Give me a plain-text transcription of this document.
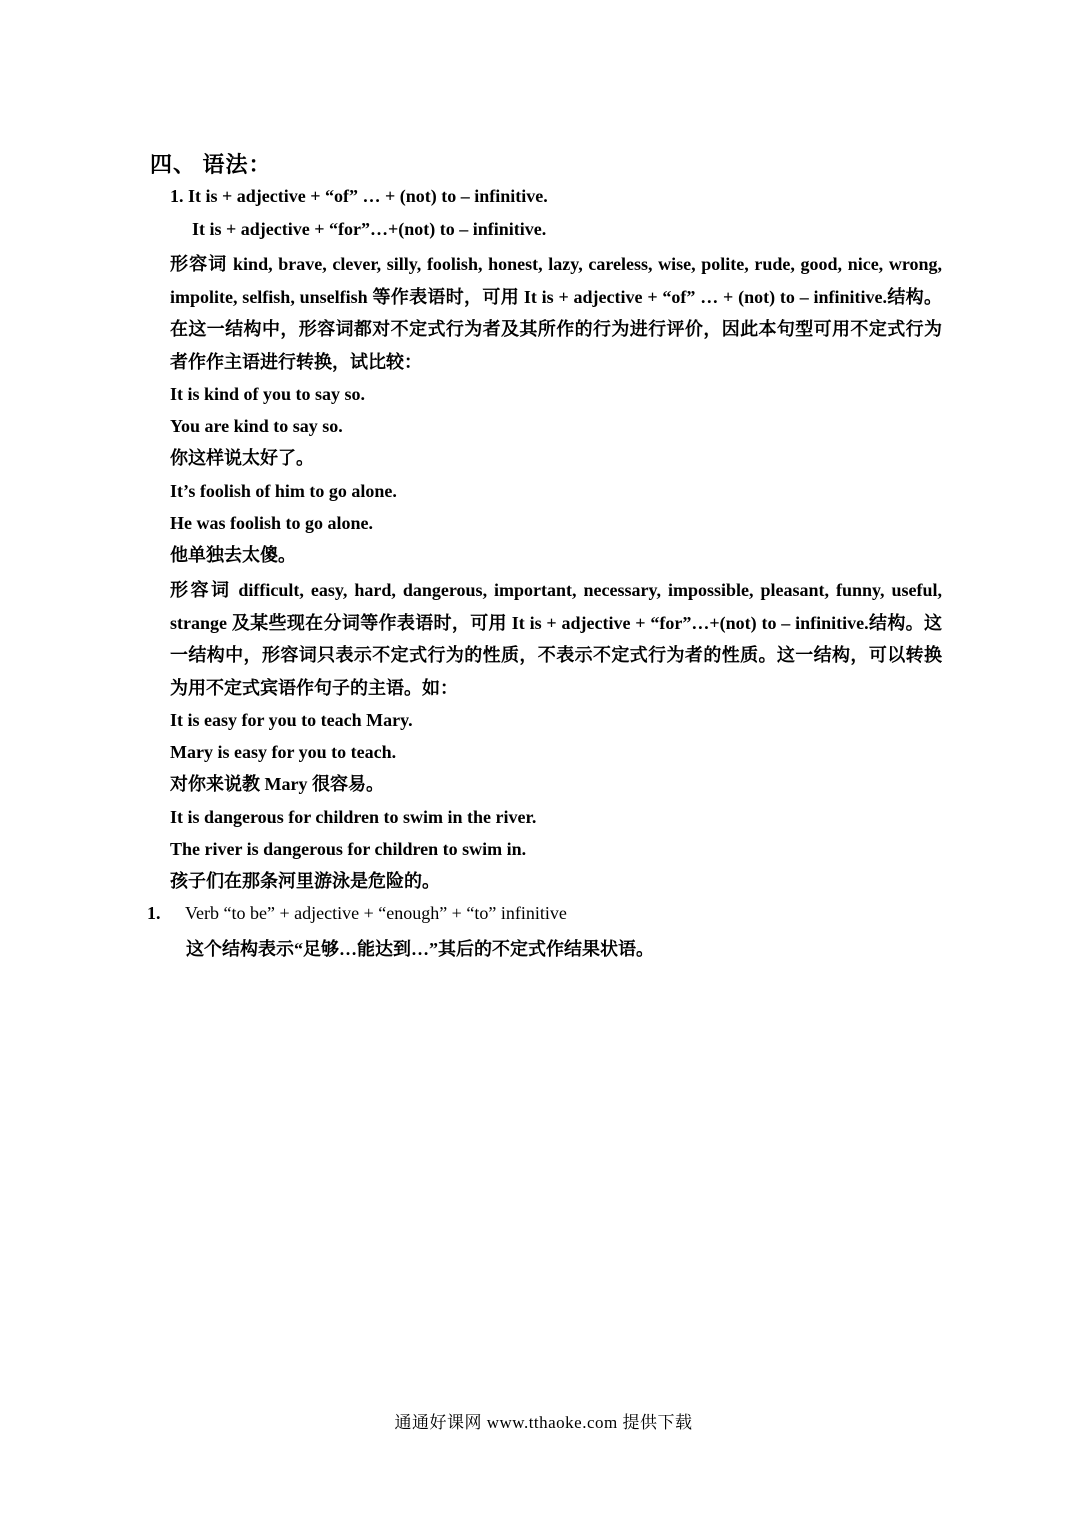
四、 语法：
1. It is + adjective + “of” … + (not) to – infinitive.
It is + adjective + “for”…+(not) to – infinitive.
形容词 kind, brave, clever, silly, foolish, honest, lazy, careless, wise, polite, rude, good, nice, wrong, impolite, selfish, unselfish 等作表语时，可用 It is + adjective + “of” … + (not) to – infinitive.结构。在这一结构中，形容词都对不定式行为者及其所作的行为进行评价，因此本句型可用不定式行为者作作主语进行转换，试比较：
It is kind of you to say so.
You are kind to say so.
你这样说太好了。
It’s foolish of him to go alone.
He was foolish to go alone.
他单独去太傻。
形容词 difficult, easy, hard, dangerous, important, necessary, impossible, pleasant, funny, useful, strange 及某些现在分词等作表语时，可用 It is + adjective + “for”…+(not) to – infinitive.结构。这一结构中，形容词只表示不定式行为的性质，不表示不定式行为者的性质。这一结构，可以转换为用不定式宾语作句子的主语。如：
It is easy for you to teach Mary.
Mary is easy for you to teach.
对你来说教 Mary 很容易。
It is dangerous for children to swim in the river.
The river is dangerous for children to swim in.
孩子们在那条河里游泳是危险的。
1. Verb “to be” + adjective + “enough” + “to” infinitive
这个结构表示“足够…能达到…”其后的不定式作结果状语。
通通好课网 www.tthaoke.com 提供下载
